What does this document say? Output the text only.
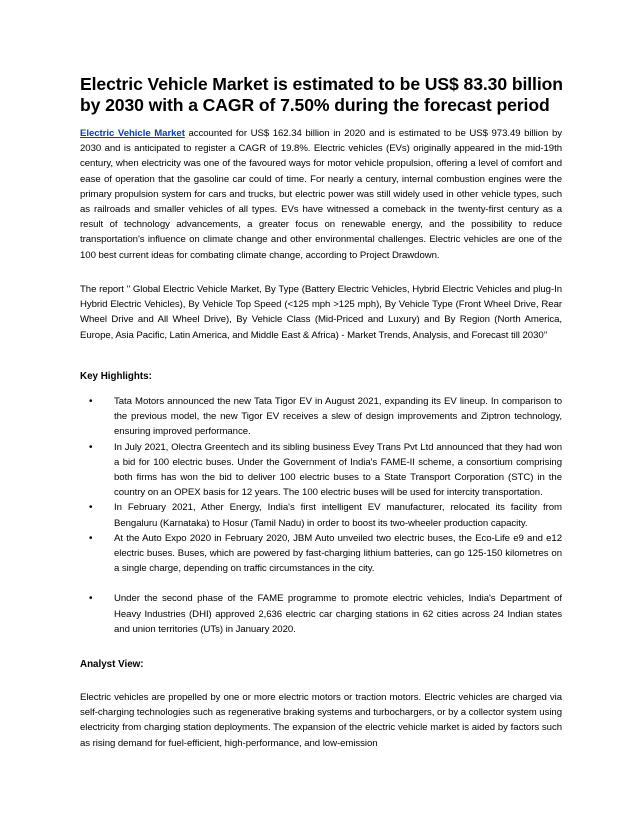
Electric Vehicle Market is estimated to be US$ 83.30 billion by 2030 with a CAGR of 7.50% during the forecast period

Electric Vehicle Market accounted for US$ 162.34 billion in 2020 and is estimated to be US$ 973.49 billion by 2030 and is anticipated to register a CAGR of 19.8%. Electric vehicles (EVs) originally appeared in the mid-19th century, when electricity was one of the favoured ways for motor vehicle propulsion, offering a level of comfort and ease of operation that the gasoline car could of time. For nearly a century, internal combustion engines were the primary propulsion system for cars and trucks, but electric power was still widely used in other vehicle types, such as railroads and smaller vehicles of all types. EVs have witnessed a comeback in the twenty-first century as a result of technology advancements, a greater focus on renewable energy, and the possibility to reduce transportation's influence on climate change and other environmental challenges. Electric vehicles are one of the 100 best current ideas for combating climate change, according to Project Drawdown.

The report " Global Electric Vehicle Market, By Type (Battery Electric Vehicles, Hybrid Electric Vehicles and plug-In Hybrid Electric Vehicles), By Vehicle Top Speed (<125 mph >125 mph), By Vehicle Type (Front Wheel Drive, Rear Wheel Drive and All Wheel Drive), By Vehicle Class (Mid-Priced and Luxury) and By Region (North America, Europe, Asia Pacific, Latin America, and Middle East & Africa) - Market Trends, Analysis, and Forecast till 2030’’

Key Highlights:
• Tata Motors announced the new Tata Tigor EV in August 2021, expanding its EV lineup. In comparison to the previous model, the new Tigor EV receives a slew of design improvements and Ziptron technology, ensuring improved performance.
• In July 2021, Olectra Greentech and its sibling business Evey Trans Pvt Ltd announced that they had won a bid for 100 electric buses. Under the Government of India's FAME-II scheme, a consortium comprising both firms has won the bid to deliver 100 electric buses to a State Transport Corporation (STC) in the country on an OPEX basis for 12 years. The 100 electric buses will be used for intercity transportation.
• In February 2021, Ather Energy, India's first intelligent EV manufacturer, relocated its facility from Bengaluru (Karnataka) to Hosur (Tamil Nadu) in order to boost its two-wheeler production capacity.
• At the Auto Expo 2020 in February 2020, JBM Auto unveiled two electric buses, the Eco-Life e9 and e12 electric buses. Buses, which are powered by fast-charging lithium batteries, can go 125-150 kilometres on a single charge, depending on traffic circumstances in the city.
• Under the second phase of the FAME programme to promote electric vehicles, India's Department of Heavy Industries (DHI) approved 2,636 electric car charging stations in 62 cities across 24 Indian states and union territories (UTs) in January 2020.
Analyst View:

Electric vehicles are propelled by one or more electric motors or traction motors. Electric vehicles are charged via self-charging technologies such as regenerative braking systems and turbochargers, or by a collector system using electricity from charging station deployments. The expansion of the electric vehicle market is aided by factors such as rising demand for fuel-efficient, high-performance, and low-emission
